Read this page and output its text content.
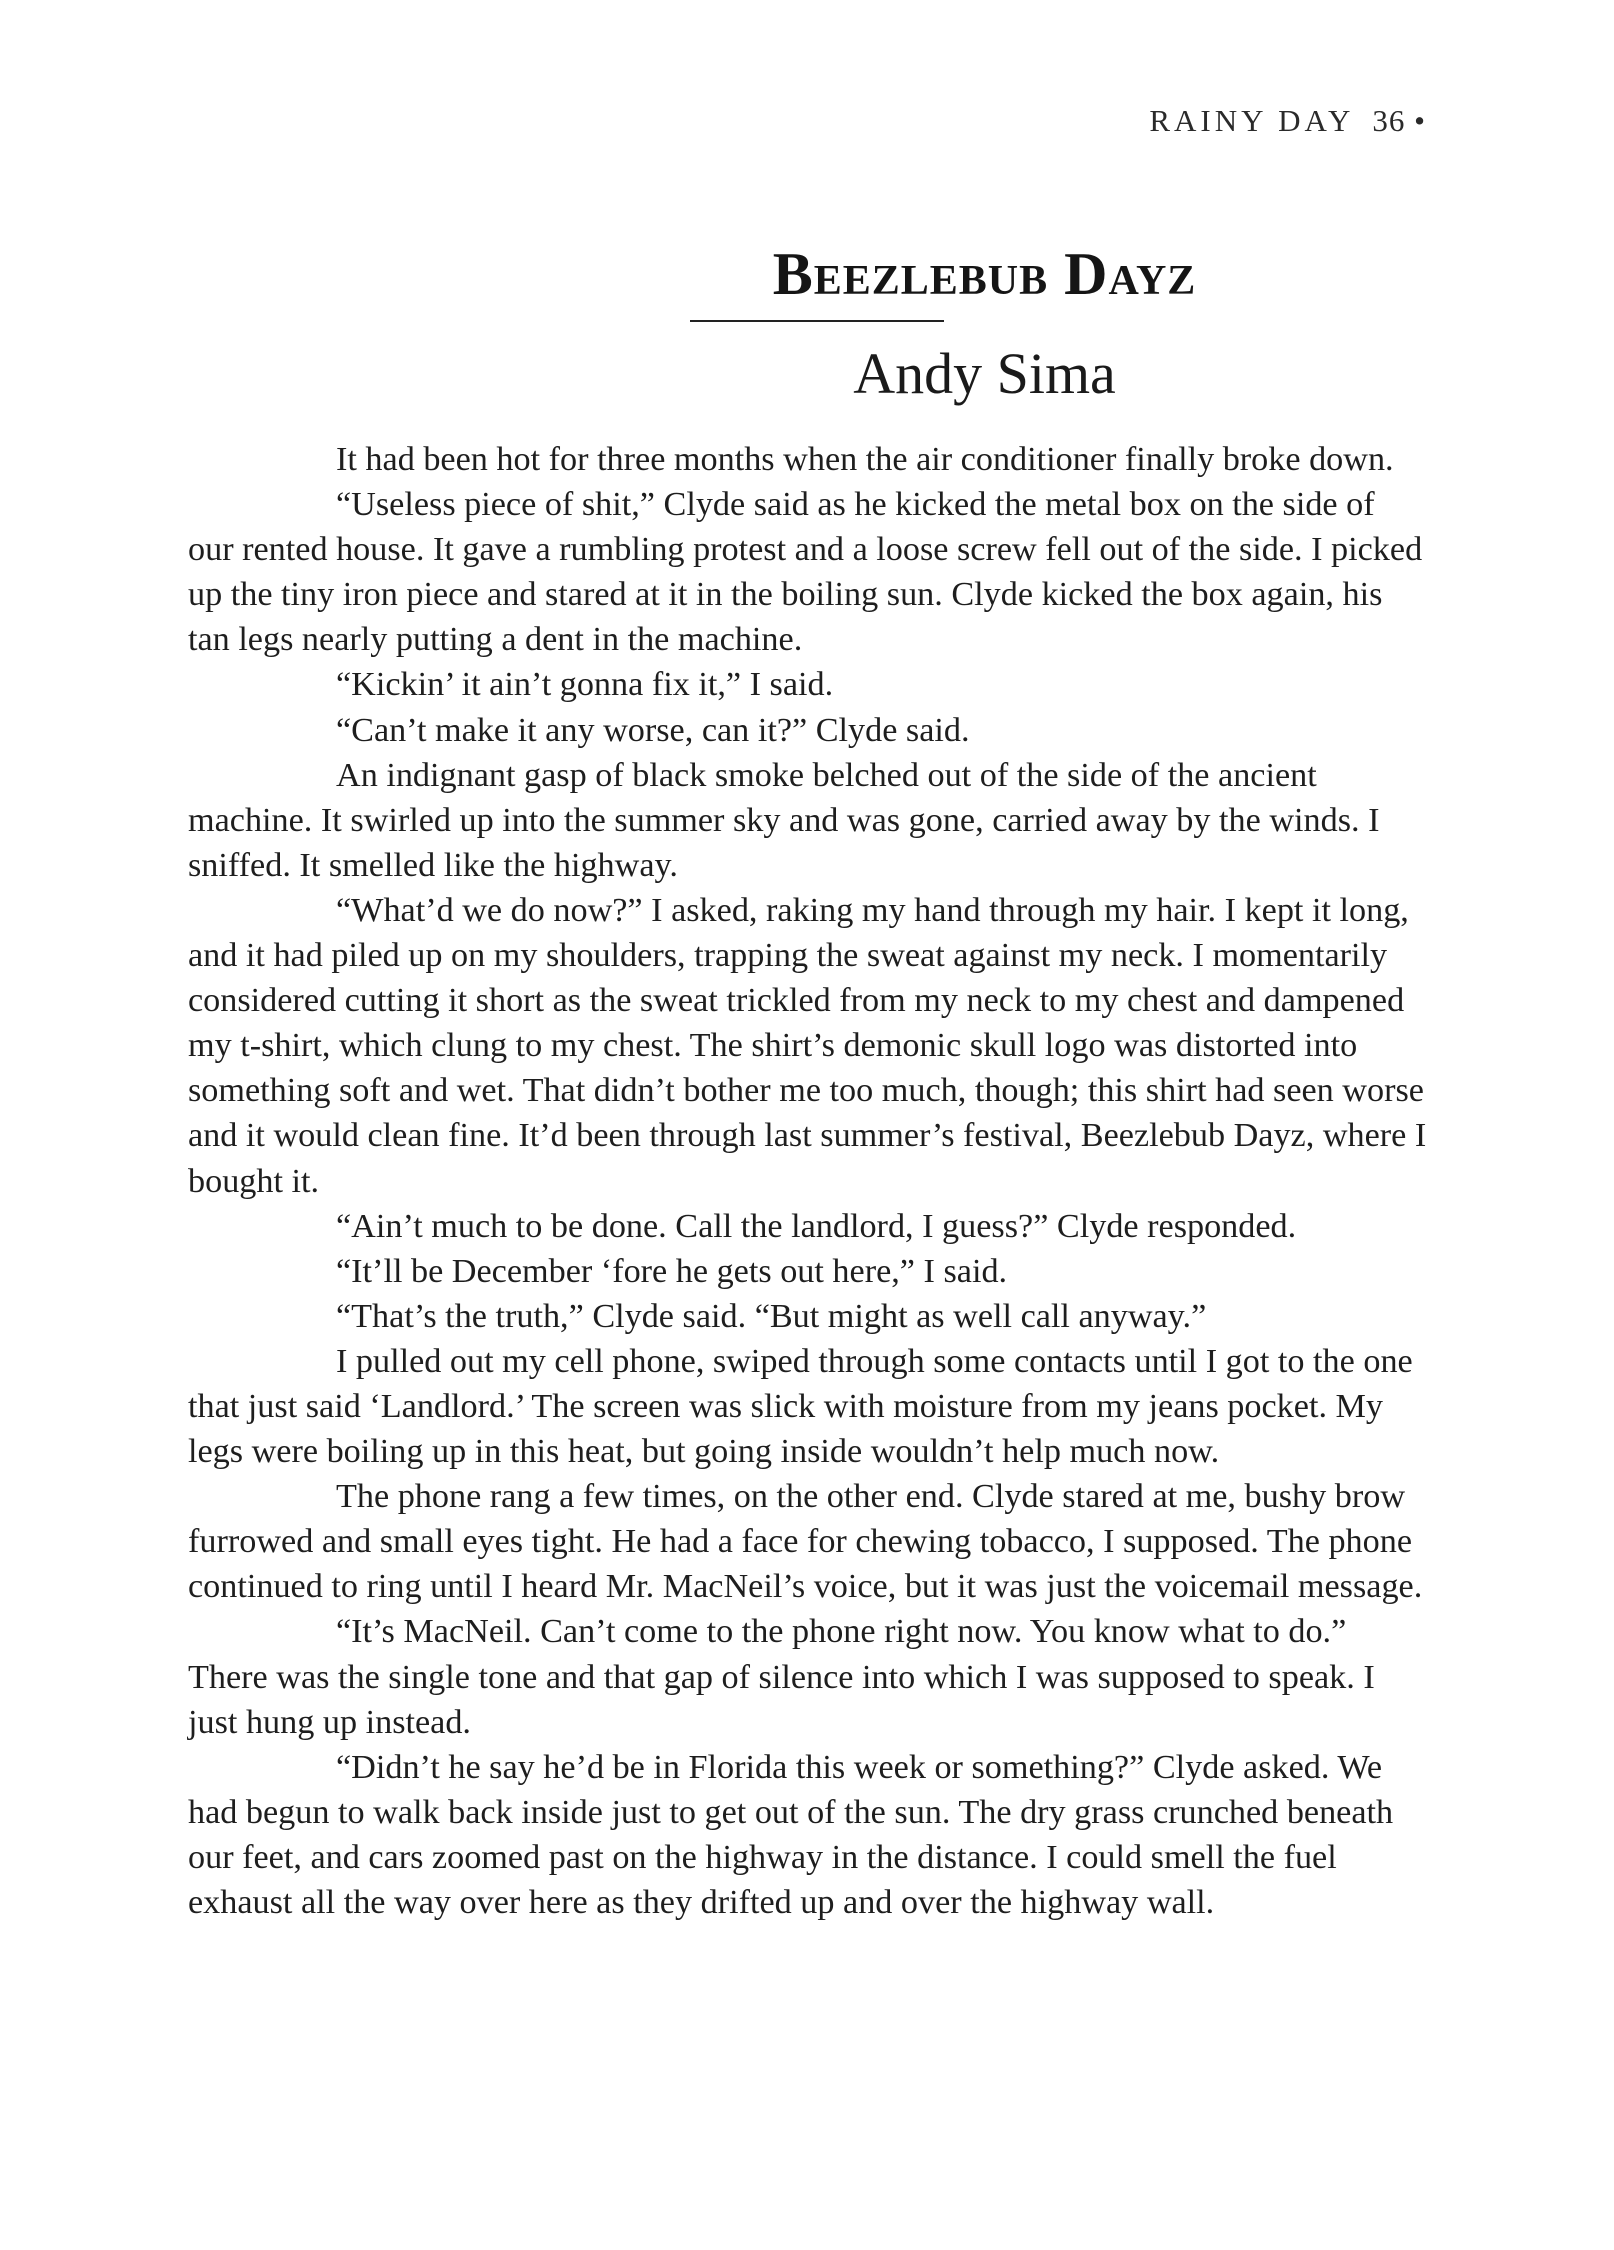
RAINY DAY 36 •
Beezlebub Dayz
Andy Sima

It had been hot for three months when the air conditioner finally broke down.

“Useless piece of shit,” Clyde said as he kicked the metal box on the side of our rented house. It gave a rumbling protest and a loose screw fell out of the side. I picked up the tiny iron piece and stared at it in the boiling sun. Clyde kicked the box again, his tan legs nearly putting a dent in the machine.

“Kickin’ it ain’t gonna fix it,” I said.

“Can’t make it any worse, can it?” Clyde said.

An indignant gasp of black smoke belched out of the side of the ancient machine. It swirled up into the summer sky and was gone, carried away by the winds. I sniffed. It smelled like the highway.

“What’d we do now?” I asked, raking my hand through my hair. I kept it long, and it had piled up on my shoulders, trapping the sweat against my neck. I momentarily considered cutting it short as the sweat trickled from my neck to my chest and dampened my t-shirt, which clung to my chest. The shirt’s demonic skull logo was distorted into something soft and wet. That didn’t bother me too much, though; this shirt had seen worse and it would clean fine. It’d been through last summer’s festival, Beezlebub Dayz, where I bought it.

“Ain’t much to be done. Call the landlord, I guess?” Clyde responded.

“It’ll be December ‘fore he gets out here,” I said.

“That’s the truth,” Clyde said. “But might as well call anyway.”

I pulled out my cell phone, swiped through some contacts until I got to the one that just said ‘Landlord.’ The screen was slick with moisture from my jeans pocket. My legs were boiling up in this heat, but going inside wouldn’t help much now.

The phone rang a few times, on the other end. Clyde stared at me, bushy brow furrowed and small eyes tight. He had a face for chewing tobacco, I supposed. The phone continued to ring until I heard Mr. MacNeil’s voice, but it was just the voicemail message.

“It’s MacNeil. Can’t come to the phone right now. You know what to do.” There was the single tone and that gap of silence into which I was supposed to speak. I just hung up instead.

“Didn’t he say he’d be in Florida this week or something?” Clyde asked. We had begun to walk back inside just to get out of the sun. The dry grass crunched beneath our feet, and cars zoomed past on the highway in the distance. I could smell the fuel exhaust all the way over here as they drifted up and over the highway wall.
